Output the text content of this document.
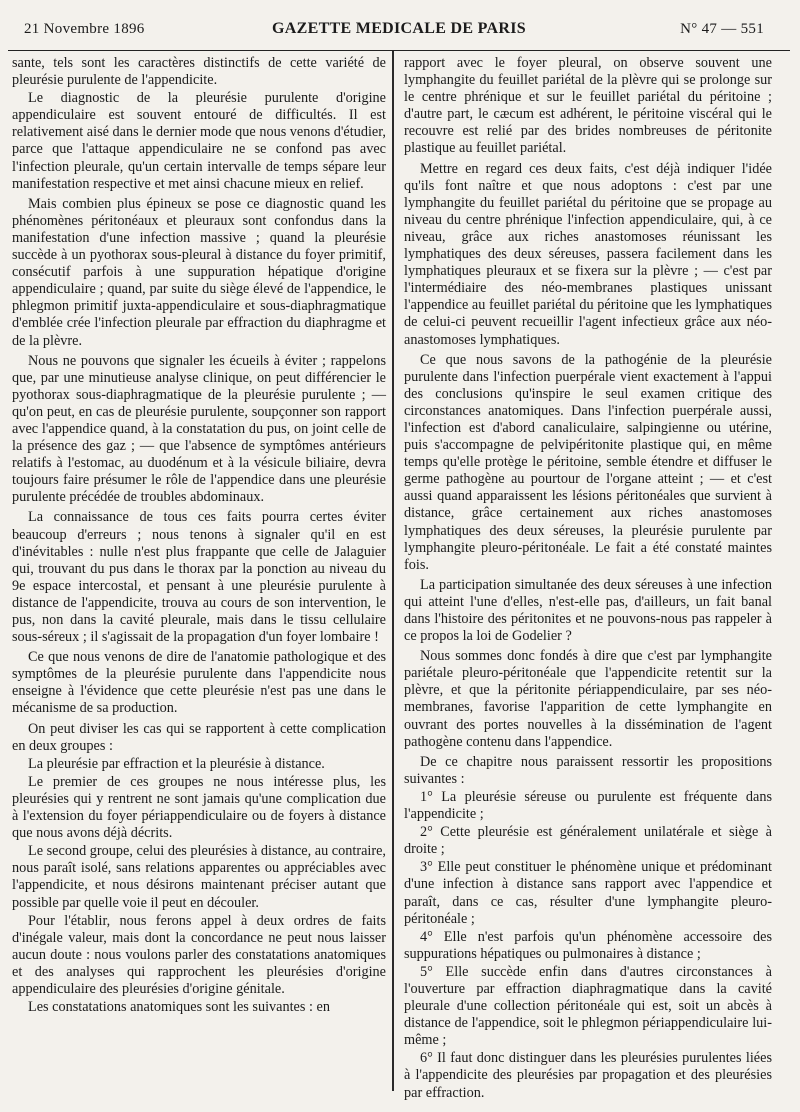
21 Novembre 1896	GAZETTE MEDICALE DE PARIS	N° 47 — 551

sante, tels sont les caractères distinctifs de cette variété de pleurésie purulente de l'appendicite.

Le diagnostic de la pleurésie purulente d'origine appendiculaire est souvent entouré de difficultés. Il est relativement aisé dans le dernier mode que nous venons d'étudier, parce que l'attaque appendiculaire ne se confond pas avec l'infection pleurale, qu'un certain intervalle de temps sépare leur manifestation respective et met ainsi chacune mieux en relief.

Mais combien plus épineux se pose ce diagnostic quand les phénomènes péritonéaux et pleuraux sont confondus dans la manifestation d'une infection massive ; quand la pleurésie succède à un pyothorax sous-pleural à distance du foyer primitif, consécutif parfois à une suppuration hépatique d'origine appendiculaire ; quand, par suite du siège élevé de l'appendice, le phlegmon primitif juxta-appendiculaire et sous-diaphragmatique d'emblée crée l'infection pleurale par effraction du diaphragme et de la plèvre.

Nous ne pouvons que signaler les écueils à éviter ; rappelons que, par une minutieuse analyse clinique, on peut différencier le pyothorax sous-diaphragmatique de la pleurésie purulente ; — qu'on peut, en cas de pleurésie purulente, soupçonner son rapport avec l'appendice quand, à la constatation du pus, on joint celle de la présence des gaz ; — que l'absence de symptômes antérieurs relatifs à l'estomac, au duodénum et à la vésicule biliaire, devra toujours faire présumer le rôle de l'appendice dans une pleurésie purulente précédée de troubles abdominaux.

La connaissance de tous ces faits pourra certes éviter beaucoup d'erreurs ; nous tenons à signaler qu'il en est d'inévitables : nulle n'est plus frappante que celle de Jalaguier qui, trouvant du pus dans le thorax par la ponction au niveau du 9e espace intercostal, et pensant à une pleurésie purulente à distance de l'appendicite, trouva au cours de son intervention, le pus, non dans la cavité pleurale, mais dans le tissu cellulaire sous-séreux ; il s'agissait de la propagation d'un foyer lombaire !

Ce que nous venons de dire de l'anatomie pathologique et des symptômes de la pleurésie purulente dans l'appendicite nous enseigne à l'évidence que cette pleurésie n'est pas une dans le mécanisme de sa production.

On peut diviser les cas qui se rapportent à cette complication en deux groupes :

La pleurésie par effraction et la pleurésie à distance.

Le premier de ces groupes ne nous intéresse plus, les pleurésies qui y rentrent ne sont jamais qu'une complication due à l'extension du foyer périappendiculaire ou de foyers à distance que nous avons déjà décrits.

Le second groupe, celui des pleurésies à distance, au contraire, nous paraît isolé, sans relations apparentes ou appréciables avec l'appendicite, et nous désirons maintenant préciser autant que possible par quelle voie il peut en découler.

Pour l'établir, nous ferons appel à deux ordres de faits d'inégale valeur, mais dont la concordance ne peut nous laisser aucun doute : nous voulons parler des constatations anatomiques et des analyses qui rapprochent les pleurésies d'origine appendiculaire des pleurésies d'origine génitale.

Les constatations anatomiques sont les suivantes : en

rapport avec le foyer pleural, on observe souvent une lymphangite du feuillet pariétal de la plèvre qui se prolonge sur le centre phrénique et sur le feuillet pariétal du péritoine ; d'autre part, le cæcum est adhérent, le péritoine viscéral qui le recouvre est relié par des brides nombreuses de péritonite plastique au feuillet pariétal.

Mettre en regard ces deux faits, c'est déjà indiquer l'idée qu'ils font naître et que nous adoptons : c'est par une lymphangite du feuillet pariétal du péritoine que se propage au niveau du centre phrénique l'infection appendiculaire, qui, à ce niveau, grâce aux riches anastomoses réunissant les lymphatiques des deux séreuses, passera facilement dans les lymphatiques pleuraux et se fixera sur la plèvre ; — c'est par l'intermédiaire des néo-membranes plastiques unissant l'appendice au feuillet pariétal du péritoine que les lymphatiques de celui-ci peuvent recueillir l'agent infectieux grâce aux néo-anastomoses lymphatiques.

Ce que nous savons de la pathogénie de la pleurésie purulente dans l'infection puerpérale vient exactement à l'appui des conclusions qu'inspire le seul examen critique des circonstances anatomiques. Dans l'infection puerpérale aussi, l'infection est d'abord canaliculaire, salpingienne ou utérine, puis s'accompagne de pelvipéritonite plastique qui, en même temps qu'elle protège le péritoine, semble étendre et diffuser le germe pathogène au pourtour de l'organe atteint ; — et c'est aussi quand apparaissent les lésions péritonéales que survient à distance, grâce certainement aux riches anastomoses lymphatiques des deux séreuses, la pleurésie purulente par lymphangite pleuro-péritonéale. Le fait a été constaté maintes fois.

La participation simultanée des deux séreuses à une infection qui atteint l'une d'elles, n'est-elle pas, d'ailleurs, un fait banal dans l'histoire des péritonites et ne pouvons-nous pas rappeler à ce propos la loi de Godelier ?

Nous sommes donc fondés à dire que c'est par lymphangite pariétale pleuro-péritonéale que l'appendicite retentit sur la plèvre, et que la péritonite périappendiculaire, par ses néo-membranes, favorise l'apparition de cette lymphangite en ouvrant des portes nouvelles à la dissémination de l'agent pathogène contenu dans l'appendice.

De ce chapitre nous paraissent ressortir les propositions suivantes :

1° La pleurésie séreuse ou purulente est fréquente dans l'appendicite ;

2° Cette pleurésie est généralement unilatérale et siège à droite ;

3° Elle peut constituer le phénomène unique et prédominant d'une infection à distance sans rapport avec l'appendice et paraît, dans ce cas, résulter d'une lymphangite pleuro-péritonéale ;

4° Elle n'est parfois qu'un phénomène accessoire des suppurations hépatiques ou pulmonaires à distance ;

5° Elle succède enfin dans d'autres circonstances à l'ouverture par effraction diaphragmatique dans la cavité pleurale d'une collection péritonéale qui est, soit un abcès à distance de l'appendice, soit le phlegmon périappendiculaire lui-même ;

6° Il faut donc distinguer dans les pleurésies purulentes liées à l'appendicite des pleurésies par propagation et des pleurésies par effraction.
